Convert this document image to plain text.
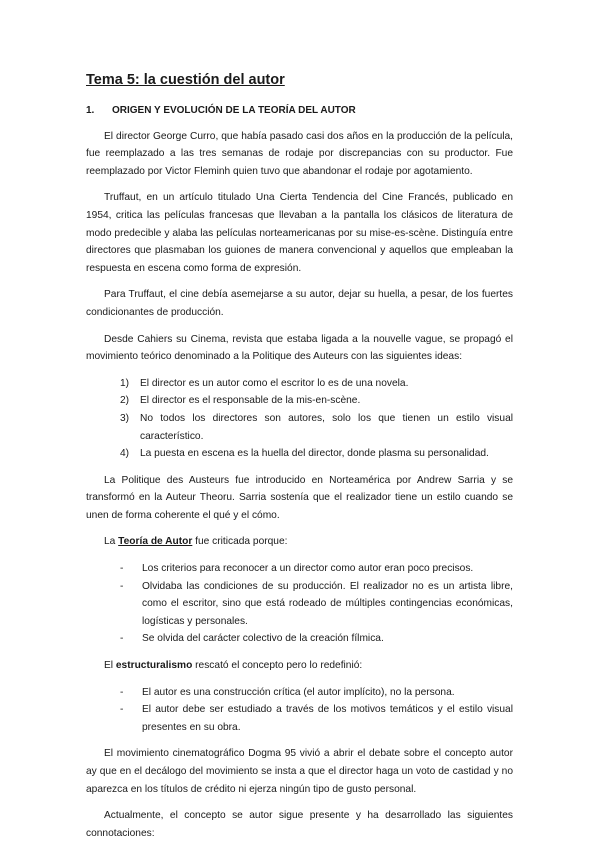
Tema 5: la cuestión del autor
1.	ORIGEN Y EVOLUCIÓN DE LA TEORÍA DEL AUTOR

El director George Curro, que había pasado casi dos años en la producción de la película, fue reemplazado a las tres semanas de rodaje por discrepancias con su productor. Fue reemplazado por Victor Fleminh quien tuvo que abandonar el rodaje por agotamiento.

Truffaut, en un artículo titulado Una Cierta Tendencia del Cine Francés, publicado en 1954, critica las películas francesas que llevaban a la pantalla los clásicos de literatura de modo predecible y alaba las películas norteamericanas por su mise-es-scène. Distinguía entre directores que plasmaban los guiones de manera convencional y aquellos que empleaban la respuesta en escena como forma de expresión.

Para Truffaut, el cine debía asemejarse a su autor, dejar su huella, a pesar, de los fuertes condicionantes de producción.

Desde Cahiers su Cinema, revista que estaba ligada a la nouvelle vague, se propagó el movimiento teórico denominado a la Politique des Auteurs con las siguientes ideas:

1)	El director es un autor como el escritor lo es de una novela.
2)	El director es el responsable de la mis-en-scène.
3)	No todos los directores son autores, solo los que tienen un estilo visual característico.
4)	La puesta en escena es la huella del director, donde plasma su personalidad.

La Politique des Austeurs fue introducido en Norteamérica por Andrew Sarria y se transformó en la Auteur Theoru. Sarria sostenía que el realizador tiene un estilo cuando se unen de forma coherente el qué y el cómo.

La Teoría de Autor fue criticada porque:
-	Los criterios para reconocer a un director como autor eran poco precisos.
-	Olvidaba las condiciones de su producción. El realizador no es un artista libre, como el escritor, sino que está rodeado de múltiples contingencias económicas, logísticas y personales.
-	Se olvida del carácter colectivo de la creación fílmica.
El estructuralismo rescató el concepto pero lo redefinió:
-	El autor es una construcción crítica (el autor implícito), no la persona.
-	El autor debe ser estudiado a través de los motivos temáticos y el estilo visual presentes en su obra.

El movimiento cinematográfico Dogma 95 vivió a abrir el debate sobre el concepto autor ay que en el decálogo del movimiento se insta a que el director haga un voto de castidad y no aparezca en los títulos de crédito ni ejerza ningún tipo de gusto personal.

Actualmente, el concepto se autor sigue presente y ha desarrollado las siguientes connotaciones:
